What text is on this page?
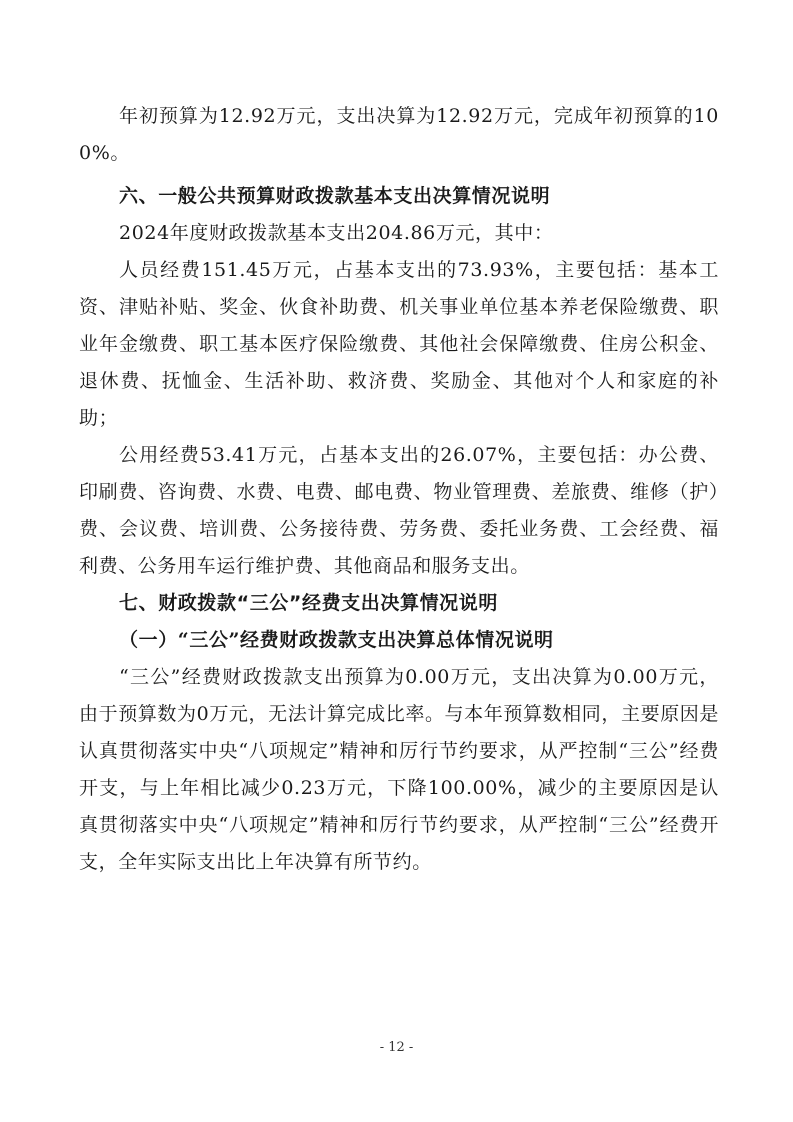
年初预算为12.92万元，支出决算为12.92万元，完成年初预算的100%。

六、一般公共预算财政拨款基本支出决算情况说明

2024年度财政拨款基本支出204.86万元，其中：

人员经费151.45万元，占基本支出的73.93%，主要包括：基本工资、津贴补贴、奖金、伙食补助费、机关事业单位基本养老保险缴费、职业年金缴费、职工基本医疗保险缴费、其他社会保障缴费、住房公积金、退休费、抚恤金、生活补助、救济费、奖励金、其他对个人和家庭的补助；

公用经费53.41万元，占基本支出的26.07%，主要包括：办公费、印刷费、咨询费、水费、电费、邮电费、物业管理费、差旅费、维修（护）费、会议费、培训费、公务接待费、劳务费、委托业务费、工会经费、福利费、公务用车运行维护费、其他商品和服务支出。

七、财政拨款“三公”经费支出决算情况说明

（一）“三公”经费财政拨款支出决算总体情况说明

“三公”经费财政拨款支出预算为0.00万元，支出决算为0.00万元，由于预算数为0万元，无法计算完成比率。与本年预算数相同，主要原因是认真贯彻落实中央“八项规定”精神和厉行节约要求，从严控制“三公”经费开支，与上年相比减少0.23万元，下降100.00%，减少的主要原因是认真贯彻落实中央“八项规定”精神和厉行节约要求，从严控制“三公”经费开支，全年实际支出比上年决算有所节约。

- 12 -
